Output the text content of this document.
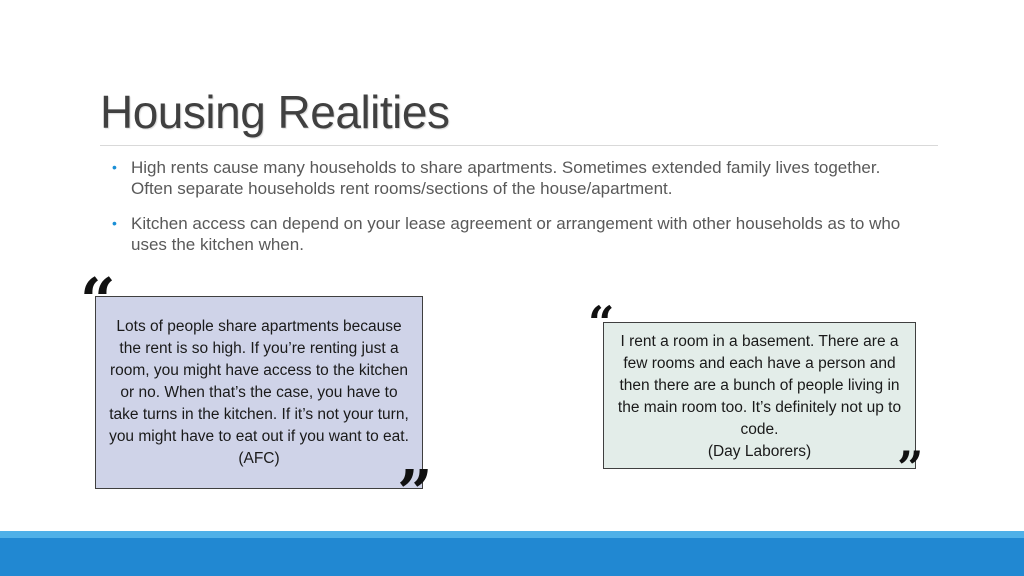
Housing Realities
• High rents cause many households to share apartments. Sometimes extended family lives together. Often separate households rent rooms/sections of the house/apartment.
• Kitchen access can depend on your lease agreement or arrangement with other households as to who uses the kitchen when.
Lots of people share apartments because the rent is so high. If you’re renting just a room, you might have access to the kitchen or no. When that’s the case, you have to take turns in the kitchen. If it’s not your turn, you might have to eat out if you want to eat. (AFC)
“
”
I rent a room in a basement. There are a few rooms and each have a person and then there are a bunch of people living in the main room too. It’s definitely not up to code.
(Day Laborers)
“
”
